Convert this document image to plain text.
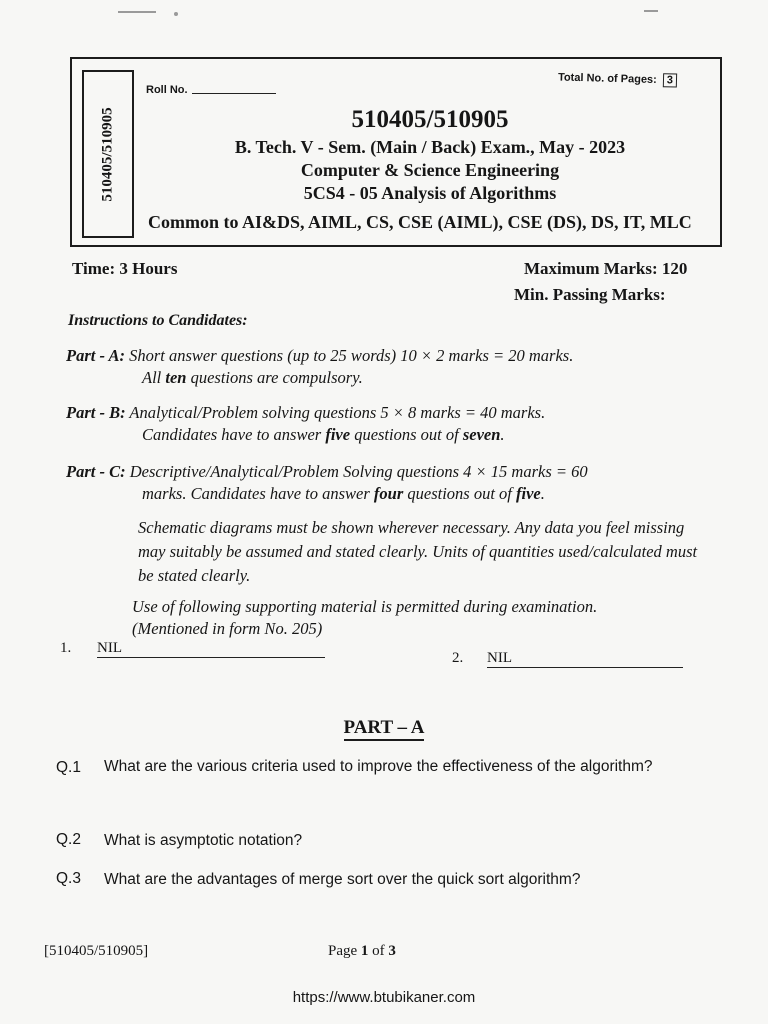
510405/510905
Roll No.
Total No. of Pages: 3
510405/510905
B. Tech. V - Sem. (Main / Back) Exam., May - 2023
Computer & Science Engineering
5CS4 - 05 Analysis of Algorithms
Common to AI&DS, AIML, CS, CSE (AIML), CSE (DS), DS, IT, MLC
Time: 3 Hours	Maximum Marks: 120
Min. Passing Marks:
Instructions to Candidates:
Part - A: Short answer questions (up to 25 words) 10 × 2 marks = 20 marks.
All ten questions are compulsory.
Part - B: Analytical/Problem solving questions 5 × 8 marks = 40 marks.
Candidates have to answer five questions out of seven.
Part - C: Descriptive/Analytical/Problem Solving questions 4 × 15 marks = 60
marks. Candidates have to answer four questions out of five.
Schematic diagrams must be shown wherever necessary. Any data you feel missing may suitably be assumed and stated clearly. Units of quantities used/calculated must be stated clearly.
Use of following supporting material is permitted during examination.
(Mentioned in form No. 205)
1. NIL
2. NIL
PART – A
Q.1 What are the various criteria used to improve the effectiveness of the algorithm?
Q.2 What is asymptotic notation?
Q.3 What are the advantages of merge sort over the quick sort algorithm?
[510405/510905]	Page 1 of 3
https://www.btubikaner.com
